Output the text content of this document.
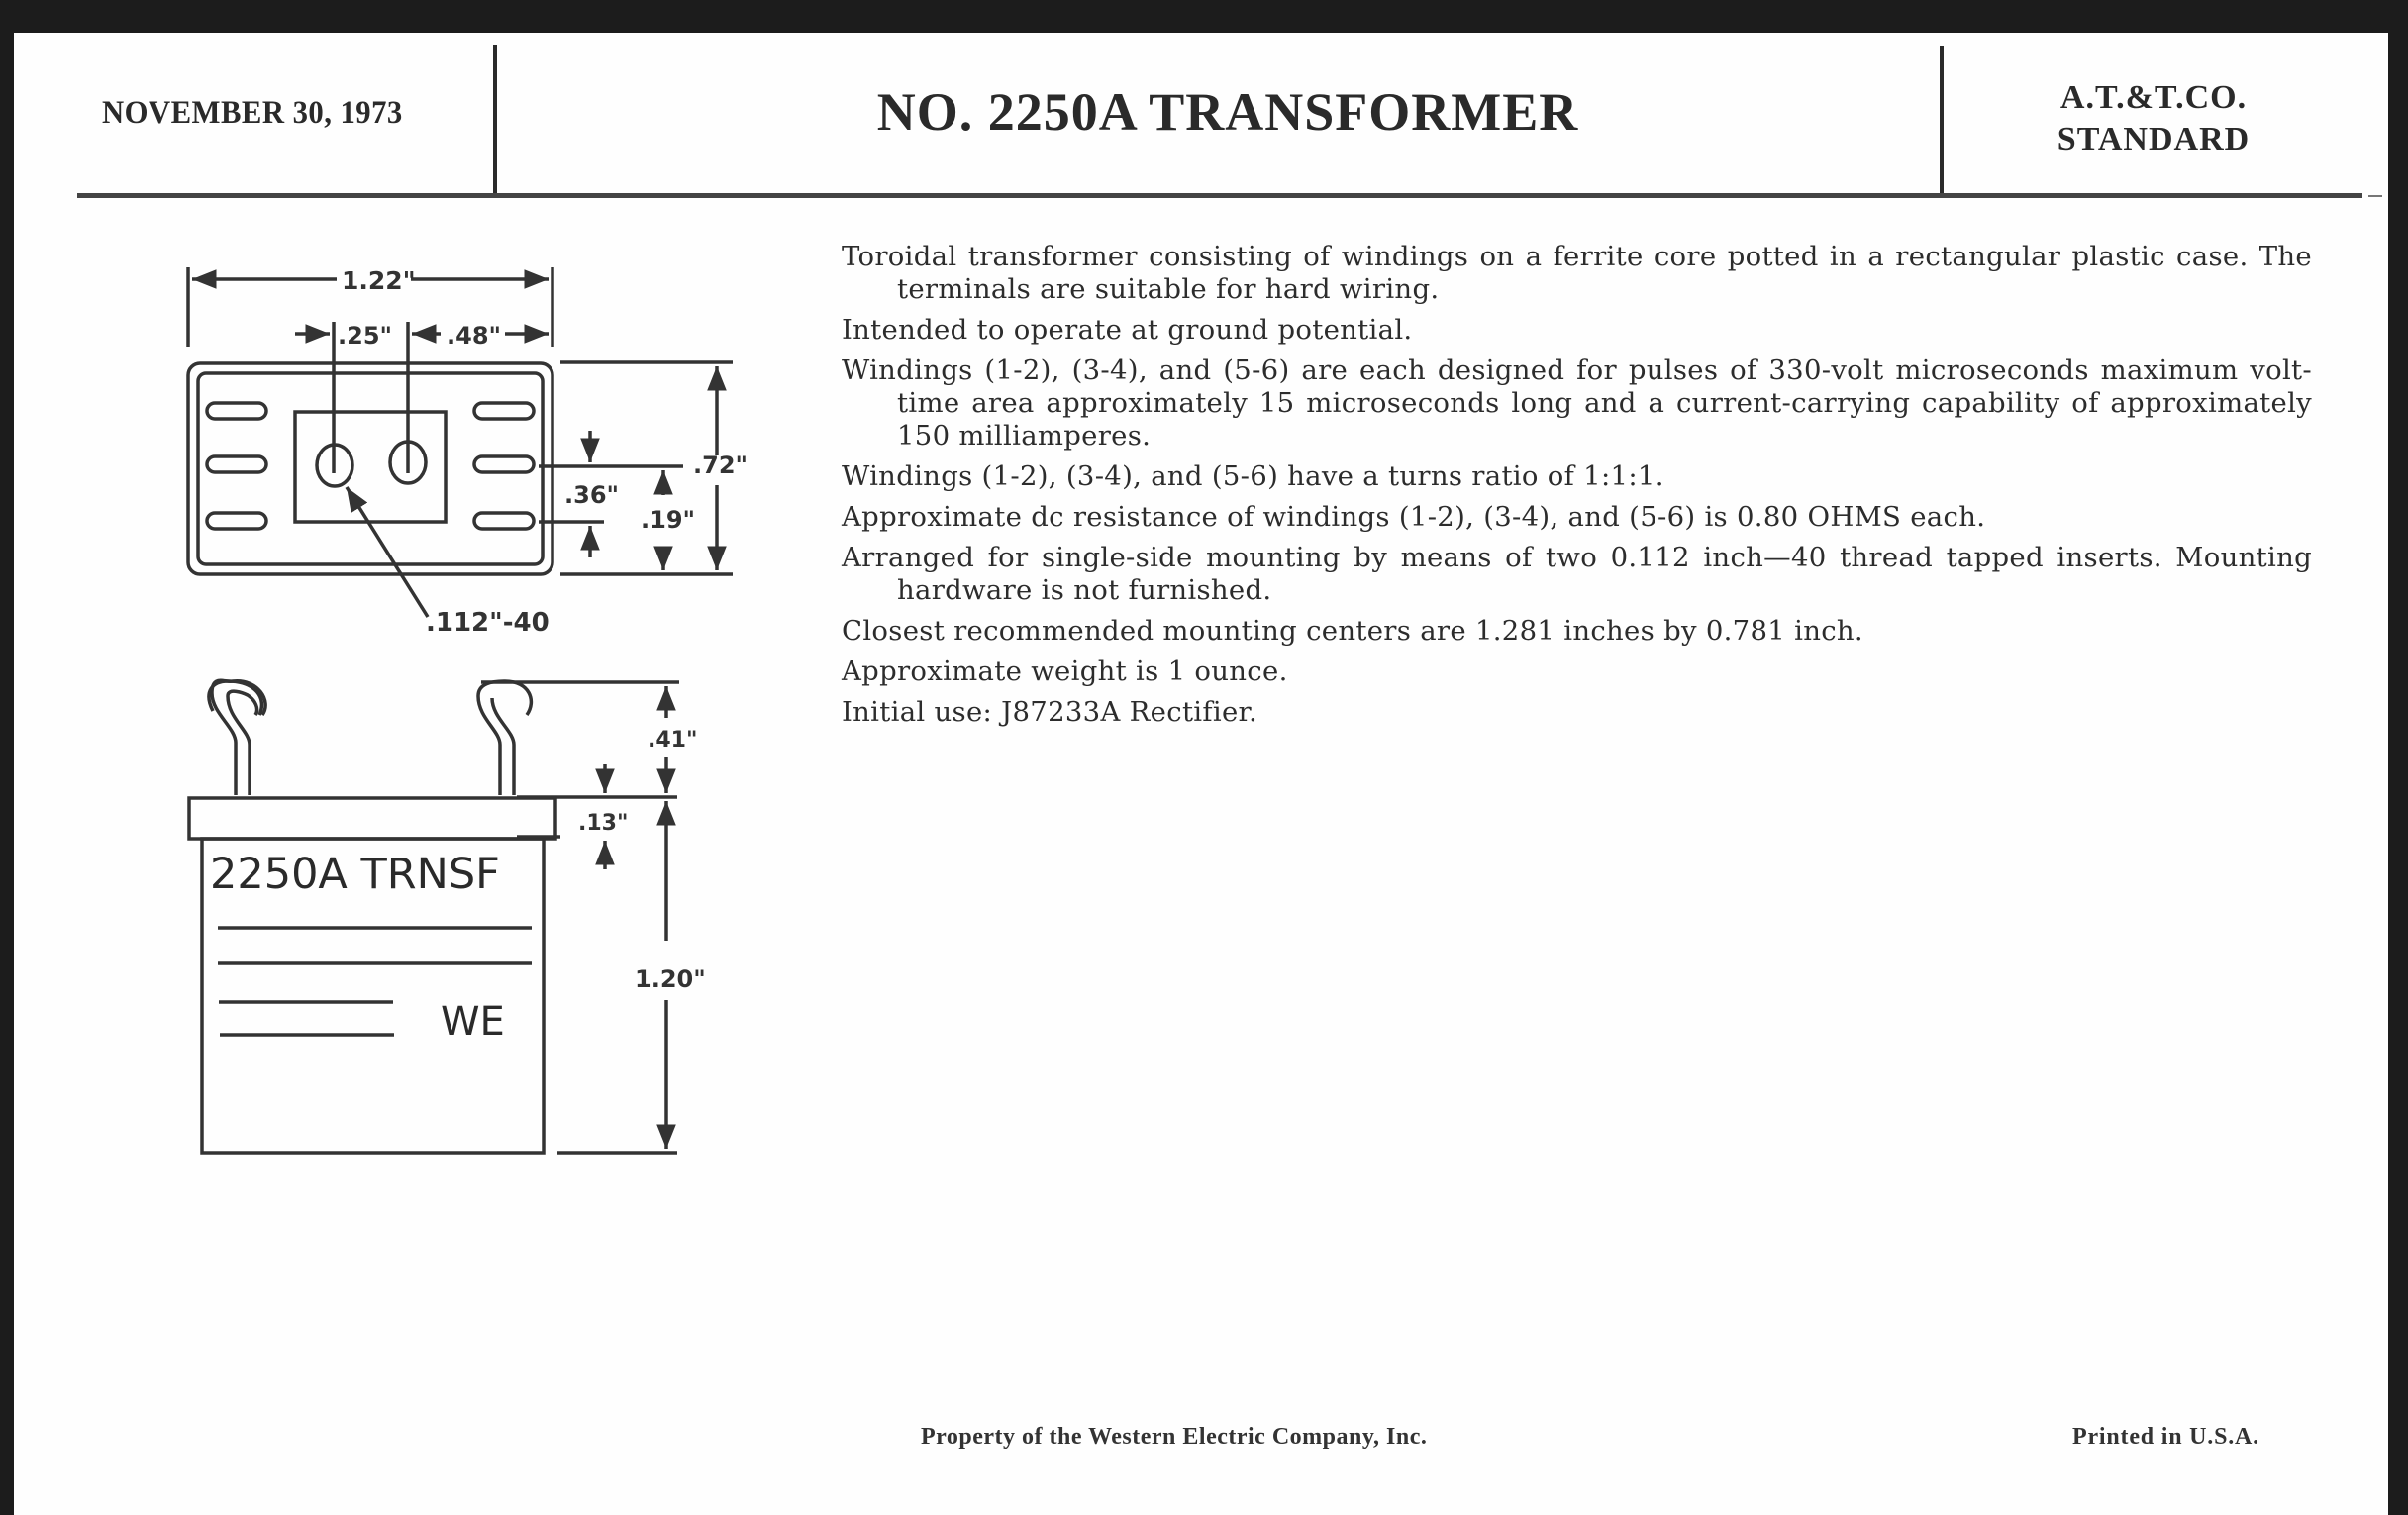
NOVEMBER 30, 1973	NO. 2250A TRANSFORMER	A.T.&T.CO.
STANDARD
1.22"
.25" .48"
.72"
.36"
.19"
.112"-40
.41"
.13"
1.20"
2250A TRNSF
WE

Toroidal transformer consisting of windings on a ferrite core potted in a rectangular plastic case. The terminals are suitable for hard wiring.

Intended to operate at ground potential.

Windings (1-2), (3-4), and (5-6) are each designed for pulses of 330-volt microseconds maximum volt-time area approximately 15 microseconds long and a current-carrying capability of approximately 150 milliamperes.

Windings (1-2), (3-4), and (5-6) have a turns ratio of 1:1:1.

Approximate dc resistance of windings (1-2), (3-4), and (5-6) is 0.80 OHMS each.

Arranged for single-side mounting by means of two 0.112 inch—40 thread tapped inserts. Mounting hardware is not furnished.

Closest recommended mounting centers are 1.281 inches by 0.781 inch.

Approximate weight is 1 ounce.

Initial use: J87233A Rectifier.

Property of the Western Electric Company, Inc.	Printed in U.S.A.
